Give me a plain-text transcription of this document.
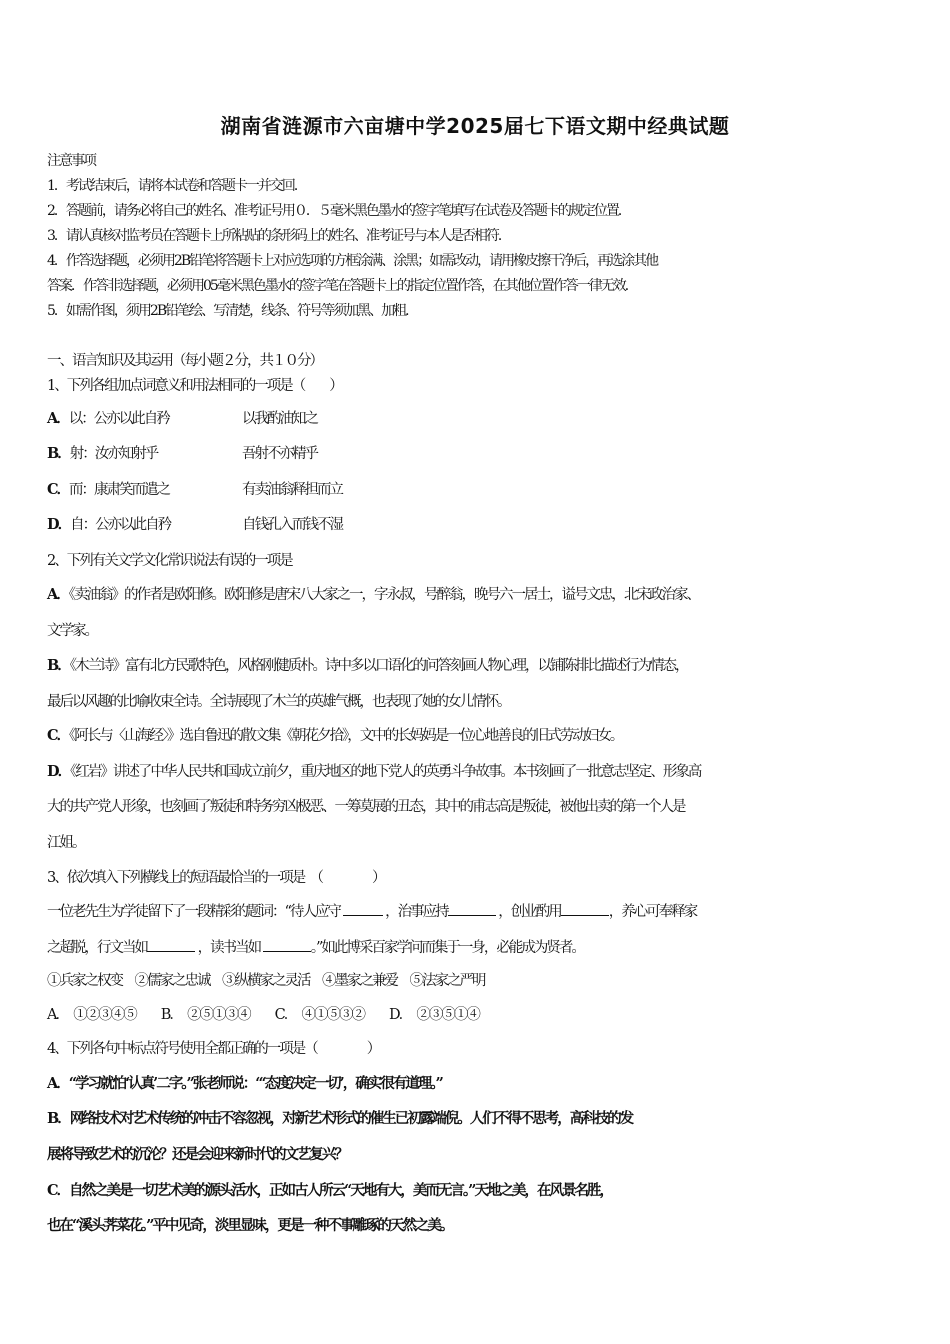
湖南省涟源市六亩塘中学2025届七下语文期中经典试题
注意事项
1．考试结束后，请将本试卷和答题卡一并交回．
2．答题前，请务必将自己的姓名、准考证号用０．５毫米黑色墨水的签字笔填写在试卷及答题卡的规定位置．
3．请认真核对监考员在答题卡上所粘贴的条形码上的姓名、准考证号与本人是否相符．
4．作答选择题，必须用2B铅笔将答题卡上对应选项的方框涂满、涂黑；如需改动，请用橡皮擦干净后，再选涂其他
答案．作答非选择题，必须用05毫米黑色墨水的签字笔在答题卡上的指定位置作答，在其他位置作答一律无效．
5．如需作图，须用2B铅笔绘、写清楚，线条、符号等须加黑、加粗．
一、语言知识及其运用（每小题２分，共１０分）
1、下列各组加点词意义和用法相同的一项是（　　）
A．以：公亦以此自矜	以我酌油知之
B．射：汝亦知射乎	吾射不亦精乎
C．而：康肃笑而遣之	有卖油翁释担而立
D．自：公亦以此自矜	自钱孔入而钱不湿
2、下列有关文学文化常识说法有误的一项是
A．《卖油翁》的作者是欧阳修。欧阳修是唐宋八大家之一，字永叔，号醉翁，晚号六一居士，谥号文忠，北宋政治家、
文学家。
B．《木兰诗》富有北方民歌特色，风格刚健质朴。诗中多以口语化的问答刻画人物心理，以铺陈排比描述行为情态，
最后以风趣的比喻收束全诗。全诗展现了木兰的英雄气概，也表现了她的女儿情怀。
C．《阿长与〈山海经〉》选自鲁迅的散文集《朝花夕拾》，文中的长妈妈是一位心地善良的旧式劳动妇女。
D．《红岩》讲述了中华人民共和国成立前夕，重庆地区的地下党人的英勇斗争故事。本书刻画了一批意志坚定、形象高
大的共产党人形象，也刻画了叛徒和特务穷凶极恶、一筹莫展的丑态，其中的甫志高是叛徒，被他出卖的第一个人是
江姐。
3、依次填入下列横线上的短语最恰当的一项是　（　　　　）
一位老先生为学徒留下了一段精彩的题词：“待人应守	，治事应持	，创业酌用	，养心可奉释家
之超脱，行文当如	，读书当如	。”如此博采百家学问而集于一身，必能成为贤者。
①兵家之权变　②儒家之忠诚　③纵横家之灵活　④墨家之兼爱　⑤法家之严明
A．　①②③④⑤　　B．　②⑤①③④　　C．　④①⑤③②　　D．　②③⑤①④
4、下列各句中标点符号使用全都正确的一项是（　　　　）
A．“学习就怕‘认真’二字。”张老师说：“‘态度决定一切’，确实很有道理。”
B．网络技术对艺术传统的冲击不容忽视，对新艺术形式的催生已初露端倪。人们不得不思考，高科技的发
展将导致艺术的沉沦？还是会迎来新时代的文艺复兴？
C．自然之美是一切艺术美的源头活水，正如古人所云“天地有大，美而无言。”天地之美，在风景名胜，
也在“溪头荠菜花。”平中见奇，淡里显味，更是一种不事雕琢的天然之美。
